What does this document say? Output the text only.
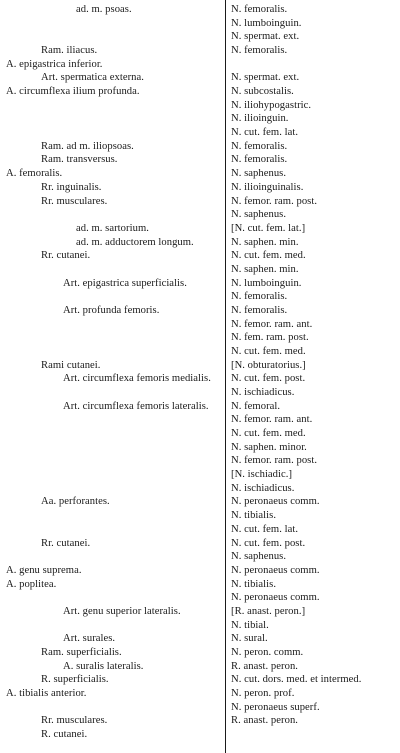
ad. m. psoas.
Ram. iliacus.
A. epigastrica inferior.
Art. spermatica externa.
A. circumflexa ilium profunda.
Ram. ad m. iliopsoas.
Ram. transversus.
A. femoralis.
Rr. inguinalis.
Rr. musculares.
ad. m. sartorium.
ad. m. adductorem longum.
Rr. cutanei.
Art. epigastrica superficialis.
Art. profunda femoris.
Rami cutanei.
Art. circumflexa femoris medialis.
Art. circumflexa femoris lateralis.
Aa. perforantes.
Rr. cutanei.
A. genu suprema.
A. poplitea.
Art. genu superior lateralis.
Art. surales.
Ram. superficialis.
A. suralis lateralis.
R. superficialis.
A. tibialis anterior.
Rr. musculares.
R. cutanei.
N. femoralis.
N. lumboinguin.
N. spermat. ext.
N. femoralis.
N. spermat. ext.
N. subcostalis.
N. iliohypogastric.
N. ilioinguin.
N. cut. fem. lat.
N. femoralis.
N. femoralis.
N. saphenus.
N. ilioinguinalis.
N. femor. ram. post.
N. saphenus.
[N. cut. fem. lat.]
N. saphen. min.
N. cut. fem. med.
N. saphen. min.
N. lumboinguin.
N. femoralis.
N. femoralis.
N. femor. ram. ant.
N. fem. ram. post.
N. cut. fem. med.
[N. obturatorius.]
N. cut. fem. post.
N. ischiadicus.
N. femoral.
N. femor. ram. ant.
N. cut. fem. med.
N. saphen. minor.
N. femor. ram. post.
[N. ischiadic.]
N. ischiadicus.
N. peronaeus comm.
N. tibialis.
N. cut. fem. lat.
N. cut. fem. post.
N. saphenus.
N. peronaeus comm.
N. tibialis.
N. peronaeus comm.
[R. anast. peron.]
N. tibial.
N. sural.
N. peron. comm.
R. anast. peron.
N. cut. dors. med. et intermed.
N. peron. prof.
N. peronaeus superf.
R. anast. peron.
